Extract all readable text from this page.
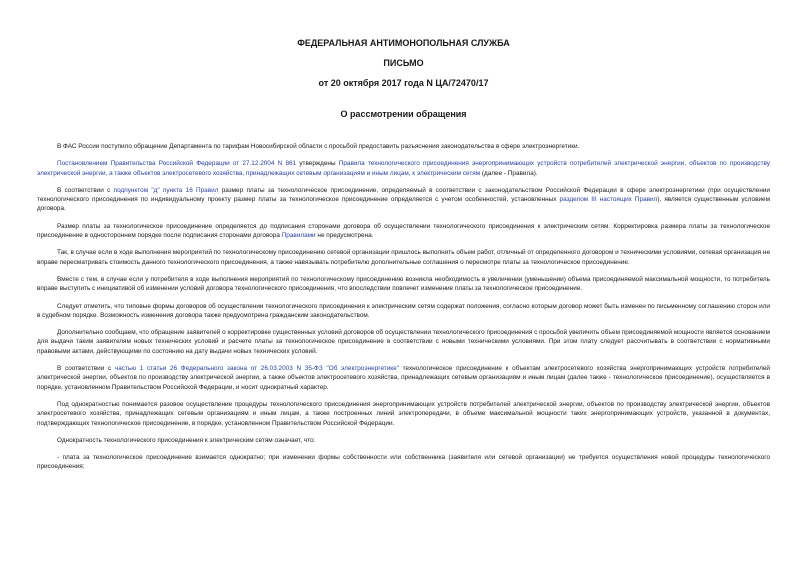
ФЕДЕРАЛЬНАЯ АНТИМОНОПОЛЬНАЯ СЛУЖБА
ПИСЬМО
от 20 октября 2017 года N ЦА/72470/17
О рассмотрении обращения

В ФАС России поступило обращение Департамента по тарифам Новосибирской области с просьбой предоставить разъяснения законодательства в сфере электроэнергетики.

Постановлением Правительства Российской Федерации от 27.12.2004 N 861 утверждены Правила технологического присоединения энергопринимающих устройств потребителей электрической энергии, объектов по производству электрической энергии, а также объектов электросетевого хозяйства, принадлежащих сетевым организациям и иным лицам, к электрическим сетям (далее - Правила).

В соответствии с подпунктом "д" пункта 16 Правил размер платы за технологическое присоединение, определяемый в соответствии с законодательством Российской Федерации в сфере электроэнергетики (при осуществлении технологического присоединения по индивидуальному проекту размер платы за технологическое присоединение определяется с учетом особенностей, установленных разделом III настоящих Правил), является существенным условием договора.

Размер платы за технологическое присоединение определяется до подписания сторонами договора об осуществлении технологического присоединения к электрическим сетям. Корректировка размера платы за технологическое присоединение в одностороннем порядке после подписания сторонами договора Правилами не предусмотрена.

Так, в случае если в ходе выполнения мероприятий по технологическому присоединению сетевой организации пришлось выполнить объем работ, отличный от определенного договором и техническими условиями, сетевая организация не вправе пересматривать стоимость данного технологического присоединения, а также навязывать потребителю дополнительные соглашения о пересмотре платы за технологическое присоединение.

Вместе с тем, в случае если у потребителя в ходе выполнения мероприятий по технологическому присоединению возникла необходимость в увеличении (уменьшении) объема присоединяемой максимальной мощности, то потребитель вправе выступить с инициативой об изменении условий договора технологического присоединения, что впоследствии повлечет изменение платы за технологическое присоединение.

Следует отметить, что типовые формы договоров об осуществлении технологического присоединения к электрическим сетям содержат положения, согласно которым договор может быть изменен по письменному соглашению сторон или в судебном порядке. Возможность изменения договора также предусмотрена гражданским законодательством.

Дополнительно сообщаем, что обращение заявителей о корректировке существенных условий договоров об осуществлении технологического присоединения с просьбой увеличить объем присоединяемой мощности является основанием для выдачи таким заявителям новых технических условий и расчете платы за технологическое присоединение в соответствии с новыми техническими условиями. При этом плату следует рассчитывать в соответствии с нормативными правовыми актами, действующими по состоянию на дату выдачи новых технических условий.

В соответствии с частью 1 статьи 26 Федерального закона от 26.03.2003 N 35-ФЗ "Об электроэнергетике" технологическое присоединение к объектам электросетевого хозяйства энергопринимающих устройств потребителей электрической энергии, объектов по производству электрической энергии, а также объектов электросетевого хозяйства, принадлежащих сетевым организациям и иным лицам (далее также - технологическое присоединение), осуществляется в порядке, установленном Правительством Российской Федерации, и носит однократный характер.

Под однократностью понимается разовое осуществление процедуры технологического присоединения энергопринимающих устройств потребителей электрической энергии, объектов по производству электрической энергии, объектов электросетевого хозяйства, принадлежащих сетевым организациям и иным лицам, а также построенных линий электропередачи, в объеме максимальной мощности таких энергопринимающих устройств, указанной в документах, подтверждающих технологическое присоединение, в порядке, установленном Правительством Российской Федерации.

Однократность технологического присоединения к электрическим сетям означает, что:

- плата за технологическое присоединение взимается однократно; при изменении формы собственности или собственника (заявителя или сетевой организации) не требуется осуществления новой процедуры технологического присоединения;
